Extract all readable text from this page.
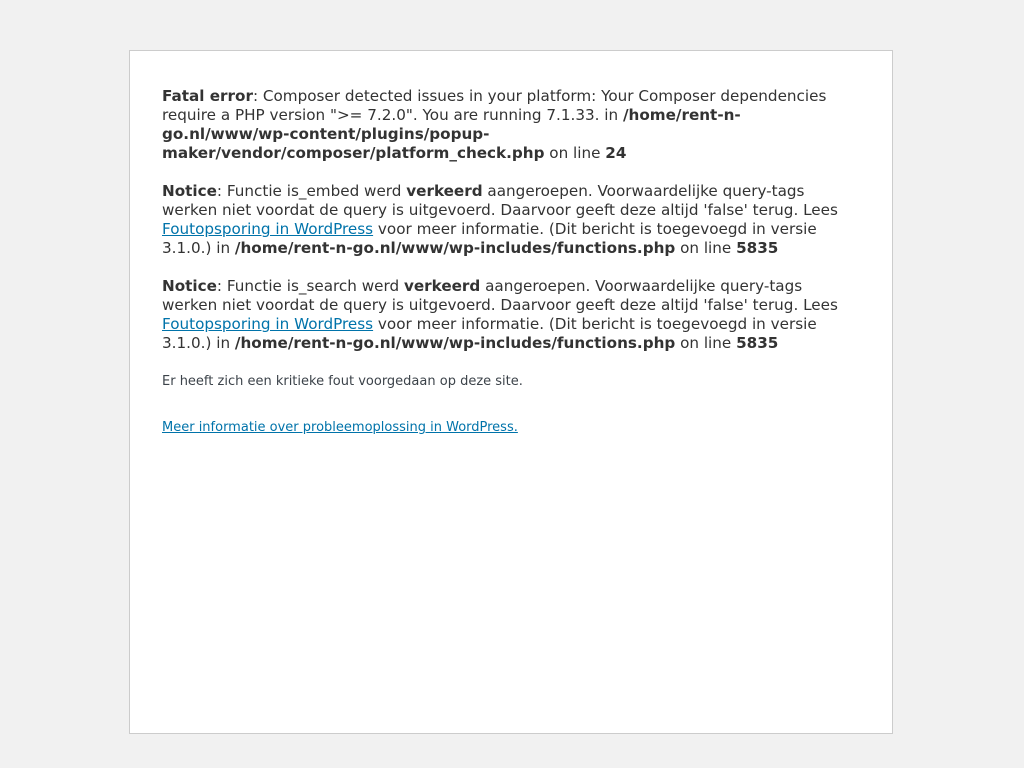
Fatal error: Composer detected issues in your platform: Your Composer dependencies require a PHP version ">= 7.2.0". You are running 7.1.33. in /home/rent-n-go.nl/www/wp-content/plugins/popup-maker/vendor/composer/platform_check.php on line 24

Notice: Functie is_embed werd verkeerd aangeroepen. Voorwaardelijke query-tags werken niet voordat de query is uitgevoerd. Daarvoor geeft deze altijd 'false' terug. Lees Foutopsporing in WordPress voor meer informatie. (Dit bericht is toegevoegd in versie 3.1.0.) in /home/rent-n-go.nl/www/wp-includes/functions.php on line 5835

Notice: Functie is_search werd verkeerd aangeroepen. Voorwaardelijke query-tags werken niet voordat de query is uitgevoerd. Daarvoor geeft deze altijd 'false' terug. Lees Foutopsporing in WordPress voor meer informatie. (Dit bericht is toegevoegd in versie 3.1.0.) in /home/rent-n-go.nl/www/wp-includes/functions.php on line 5835

Er heeft zich een kritieke fout voorgedaan op deze site.

Meer informatie over probleemoplossing in WordPress.
